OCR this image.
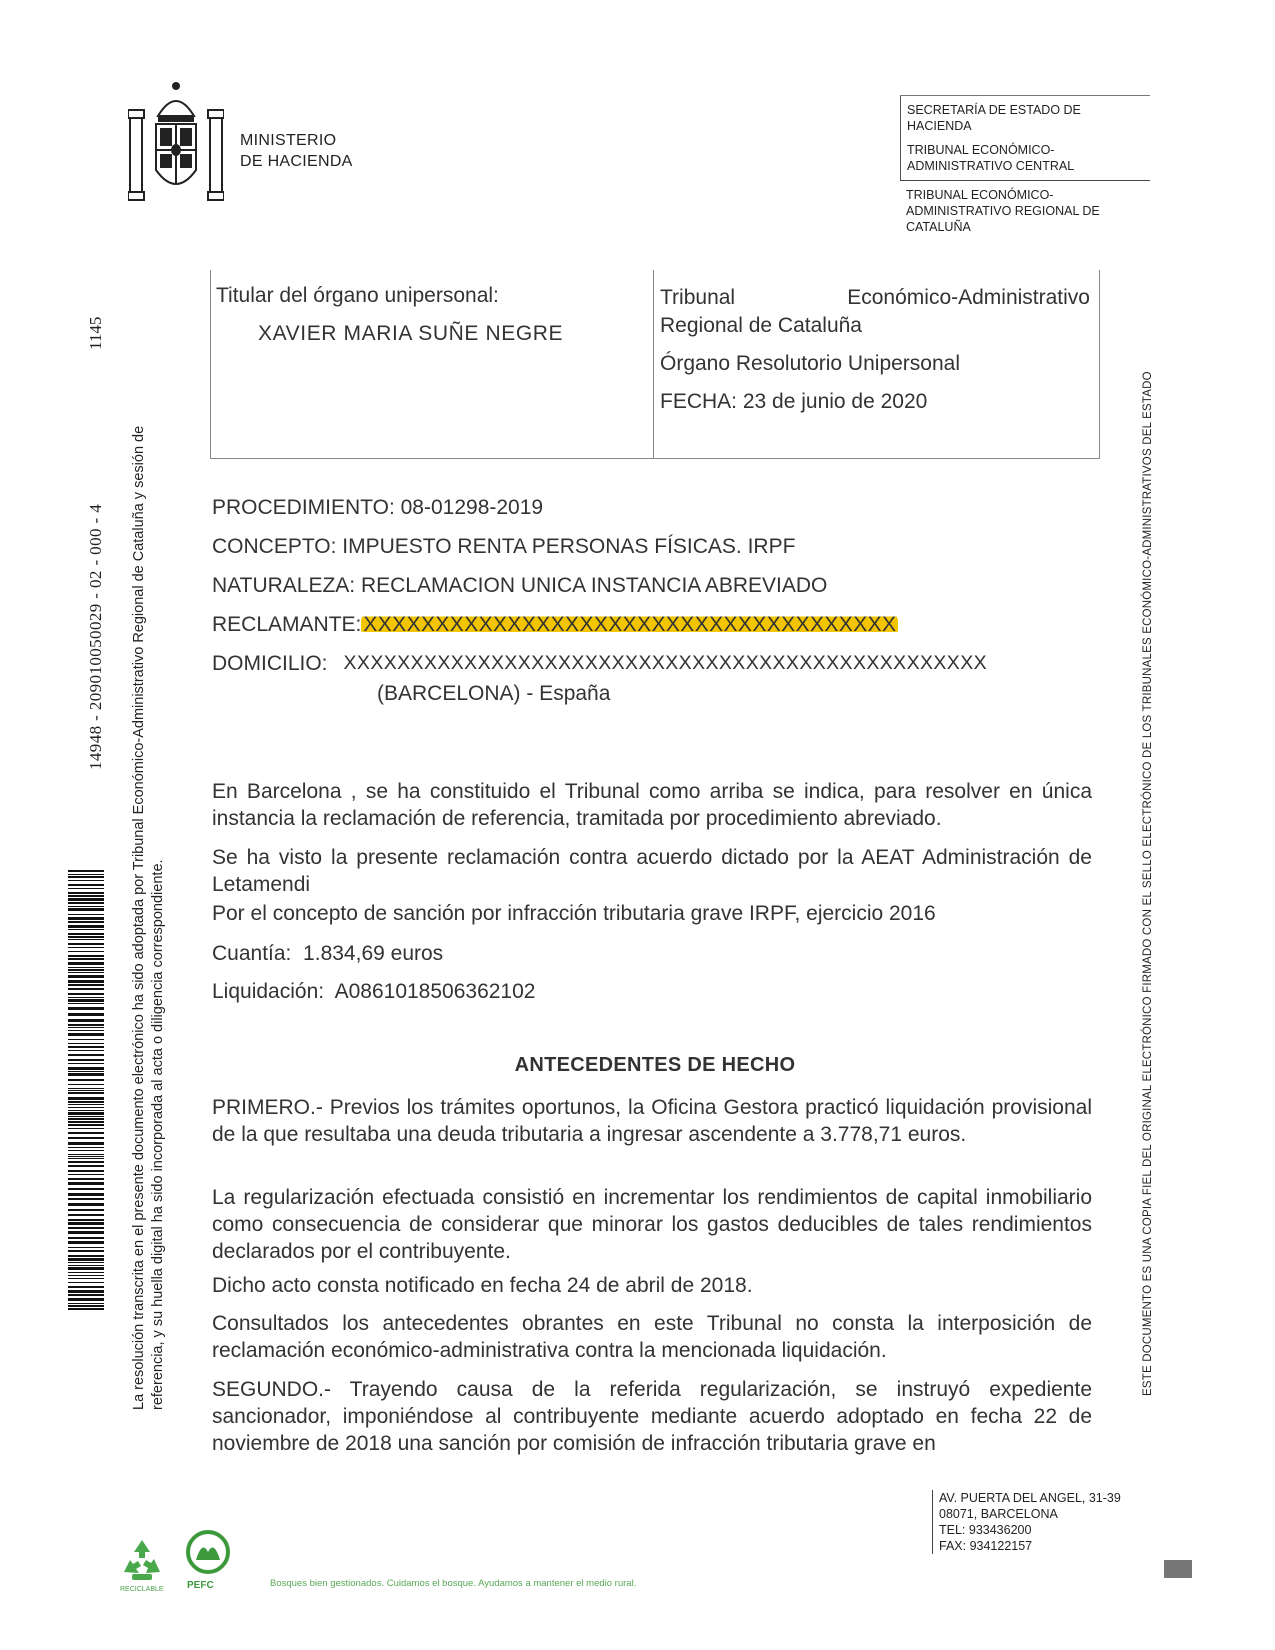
MINISTERIO
DE HACIENDA
SECRETARÍA DE ESTADO DE
HACIENDA
TRIBUNAL ECONÓMICO-
ADMINISTRATIVO CENTRAL
TRIBUNAL ECONÓMICO-
ADMINISTRATIVO REGIONAL DE
CATALUÑA
Titular del órgano unipersonal:
XAVIER MARIA SUÑE NEGRE
Tribunal	Económico-Administrativo

Regional de Cataluña

Órgano Resolutorio Unipersonal

FECHA: 23 de junio de 2020

PROCEDIMIENTO: 08-01298-2019
CONCEPTO: IMPUESTO RENTA PERSONAS FÍSICAS. IRPF
NATURALEZA: RECLAMACION UNICA INSTANCIA ABREVIADO
RECLAMANTE: XXXXXXXXXXXXXXXXXXXXXXXXXXXXXXXXXXXXX
DOMICILIO: XXXXXXXXXXXXXXXXXXXXXXXXXXXXXXXXXXXXXXXXXXXXXXXX
(BARCELONA) - España
En Barcelona , se ha constituido el Tribunal como arriba se indica, para resolver en única instancia la reclamación de referencia, tramitada por procedimiento abreviado.
Se ha visto la presente reclamación contra acuerdo dictado por la AEAT Administración de Letamendi
Por el concepto de sanción por infracción tributaria grave IRPF, ejercicio 2016
Cuantía:  1.834,69 euros
Liquidación:  A0861018506362102
ANTECEDENTES DE HECHO
PRIMERO.- Previos los trámites oportunos, la Oficina Gestora practicó liquidación provisional de la que resultaba una deuda tributaria a ingresar ascendente a 3.778,71 euros.
La regularización efectuada consistió en incrementar los rendimientos de capital inmobiliario como consecuencia de considerar que minorar los gastos deducibles de tales rendimientos declarados por el contribuyente.
Dicho acto consta notificado en fecha 24 de abril de 2018.
Consultados los antecedentes obrantes en este Tribunal no consta la interposición de reclamación económico-administrativa contra la mencionada liquidación.
SEGUNDO.- Trayendo causa de la referida regularización, se instruyó expediente sancionador, imponiéndose al contribuyente mediante acuerdo adoptado en fecha 22 de noviembre de 2018 una sanción por comisión de infracción tributaria grave en
1145
14948 - 209010050029 - 02 - 000 - 4 La resolución transcrita en el presente documento electrónico ha sido adoptada por Tribunal Económico-Administrativo Regional de Cataluña y sesión de referencia, y su huella digital ha sido incorporada al acta o diligencia correspondiente.	ESTE DOCUMENTO ES UNA COPIA FIEL DEL ORIGINAL ELECTRÓNICO FIRMADO CON EL SELLO ELECTRÓNICO DE LOS TRIBUNALES ECONÓMICO-ADMINISTRATIVOS DEL ESTADO
AV. PUERTA DEL ANGEL, 31-39
08071, BARCELONA
TEL: 933436200
FAX: 934122157
RECICLABLE PEFC	Bosques bien gestionados. Cuidamos el bosque. Ayudamos a mantener el medio rural.
